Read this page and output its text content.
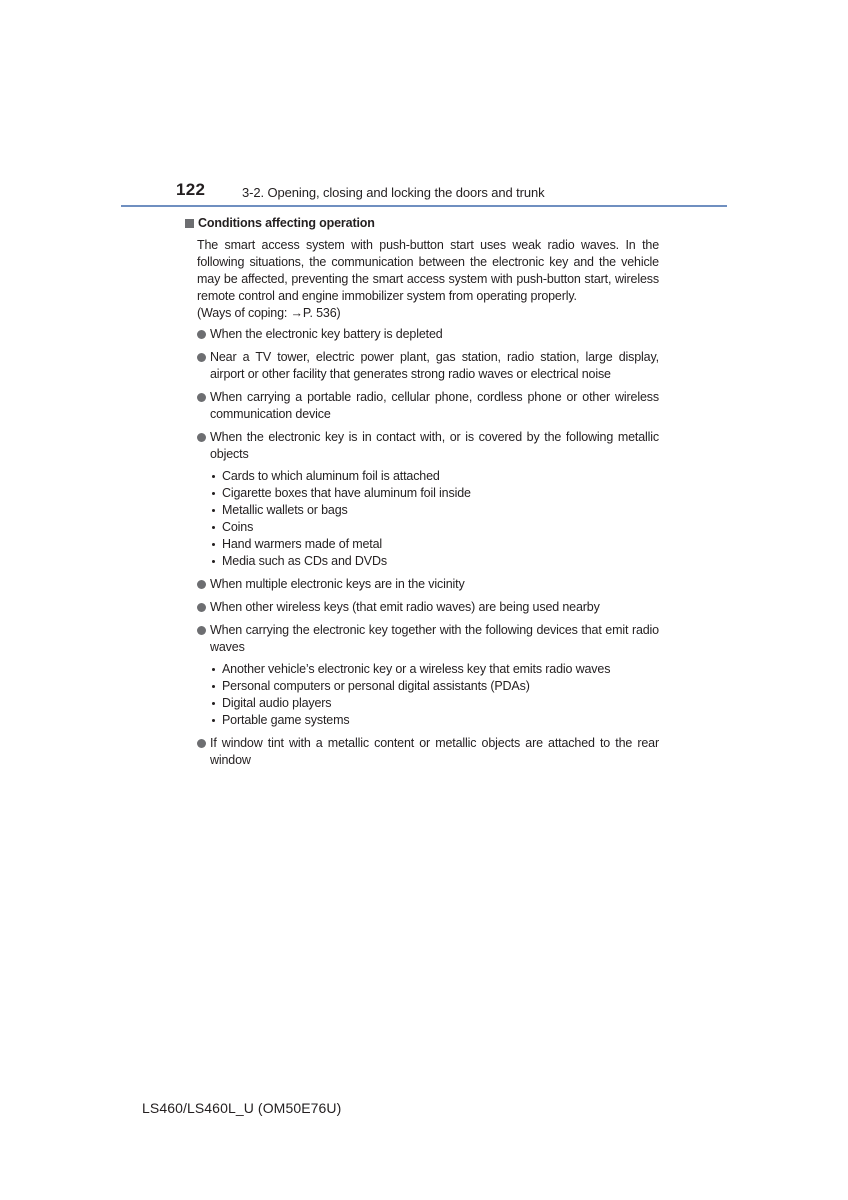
122	3-2. Opening, closing and locking the doors and trunk
Conditions affecting operation
The smart access system with push-button start uses weak radio waves. In the following situations, the communication between the electronic key and the vehicle may be affected, preventing the smart access system with push-button start, wireless remote control and engine immobilizer system from operating properly.
(Ways of coping: →P. 536)
When the electronic key battery is depleted
Near a TV tower, electric power plant, gas station, radio station, large display, airport or other facility that generates strong radio waves or electrical noise
When carrying a portable radio, cellular phone, cordless phone or other wireless communication device
When the electronic key is in contact with, or is covered by the following metallic objects
Cards to which aluminum foil is attached
Cigarette boxes that have aluminum foil inside
Metallic wallets or bags
Coins
Hand warmers made of metal
Media such as CDs and DVDs
When multiple electronic keys are in the vicinity
When other wireless keys (that emit radio waves) are being used nearby
When carrying the electronic key together with the following devices that emit radio waves
Another vehicle’s electronic key or a wireless key that emits radio waves
Personal computers or personal digital assistants (PDAs)
Digital audio players
Portable game systems
If window tint with a metallic content or metallic objects are attached to the rear window
LS460/LS460L_U (OM50E76U)
